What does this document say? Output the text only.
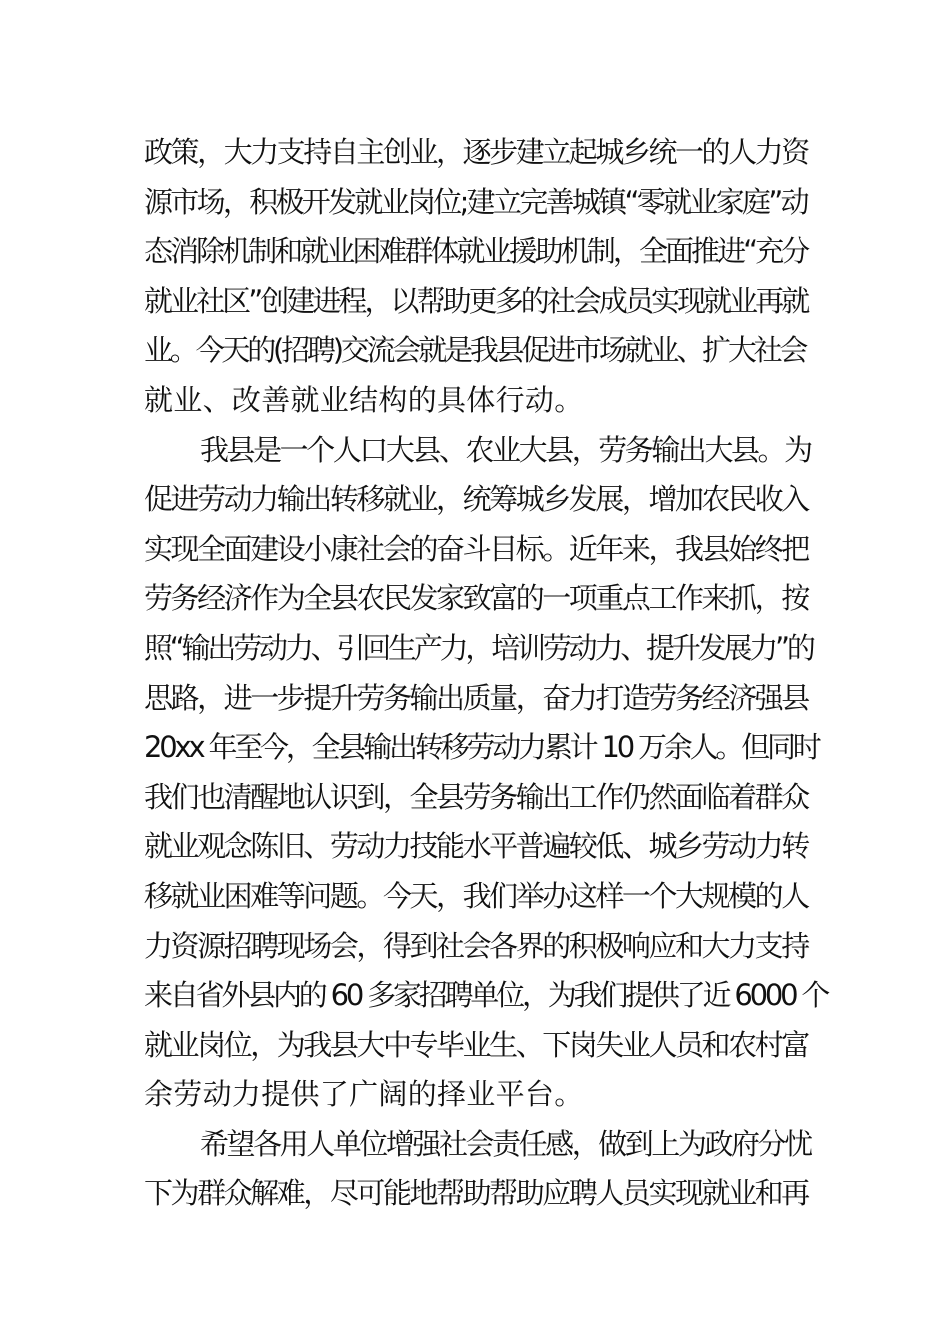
政策，大力支持自主创业，逐步建立起城乡统一的人力资
源市场，积极开发就业岗位;建立完善城镇“零就业家庭”动
态消除机制和就业困难群体就业援助机制，全面推进“充分
就业社区”创建进程，以帮助更多的社会成员实现就业再就
业。今天的(招聘)交流会就是我县促进市场就业、扩大社会
就业、改善就业结构的具体行动。
我县是一个人口大县、农业大县，劳务输出大县。为
促进劳动力输出转移就业，统筹城乡发展，增加农民收入
实现全面建设小康社会的奋斗目标。近年来，我县始终把
劳务经济作为全县农民发家致富的一项重点工作来抓，按
照“输出劳动力、引回生产力，培训劳动力、提升发展力”的
思路，进一步提升劳务输出质量，奋力打造劳务经济强县
20xx 年至今，全县输出转移劳动力累计 10 万余人。但同时
我们也清醒地认识到，全县劳务输出工作仍然面临着群众
就业观念陈旧、劳动力技能水平普遍较低、城乡劳动力转
移就业困难等问题。今天，我们举办这样一个大规模的人
力资源招聘现场会，得到社会各界的积极响应和大力支持
来自省外县内的 60 多家招聘单位，为我们提供了近 6000 个
就业岗位，为我县大中专毕业生、下岗失业人员和农村富
余劳动力提供了广阔的择业平台。
希望各用人单位增强社会责任感，做到上为政府分忧
下为群众解难，尽可能地帮助帮助应聘人员实现就业和再
